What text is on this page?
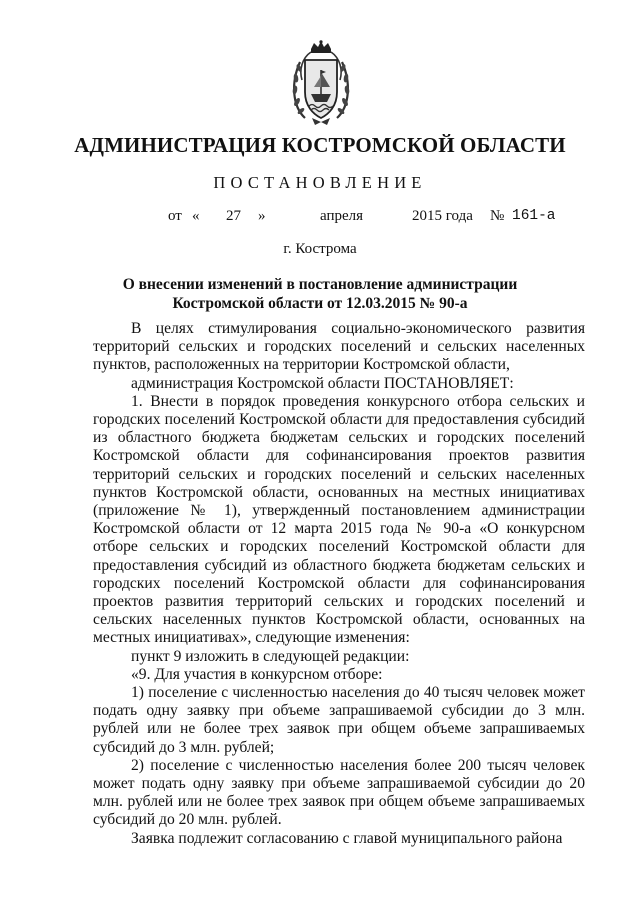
АДМИНИСТРАЦИЯ КОСТРОМСКОЙ ОБЛАСТИ
ПОСТАНОВЛЕНИЕ
от « 27 »	апреля	2015 года № 161-а
г. Кострома
О внесении изменений в постановление администрации
Костромской области от 12.03.2015 № 90-а

В целях стимулирования социально-экономического развития территорий сельских и городских поселений и сельских населенных пунктов, расположенных на территории Костромской области,

администрация Костромской области ПОСТАНОВЛЯЕТ:

1. Внести в порядок проведения конкурсного отбора сельских и городских поселений Костромской области для предоставления субсидий из областного бюджета бюджетам сельских и городских поселений Костромской области для софинансирования проектов развития территорий сельских и городских поселений и сельских населенных пунктов Костромской области, основанных на местных инициативах (приложение № 1), утвержденный постановлением администрации Костромской области от 12 марта 2015 года № 90-а «О конкурсном отборе сельских и городских поселений Костромской области для предоставления субсидий из областного бюджета бюджетам сельских и городских поселений Костромской области для софинансирования проектов развития территорий сельских и городских поселений и сельских населенных пунктов Костромской области, основанных на местных инициативах», следующие изменения:

пункт 9 изложить в следующей редакции:

«9. Для участия в конкурсном отборе:

1) поселение с численностью населения до 40 тысяч человек может подать одну заявку при объеме запрашиваемой субсидии до 3 млн. рублей или не более трех заявок при общем объеме запрашиваемых субсидий до 3 млн. рублей;

2) поселение с численностью населения более 200 тысяч человек может подать одну заявку при объеме запрашиваемой субсидии до 20 млн. рублей или не более трех заявок при общем объеме запрашиваемых субсидий до 20 млн. рублей.

Заявка подлежит согласованию с главой муниципального района
